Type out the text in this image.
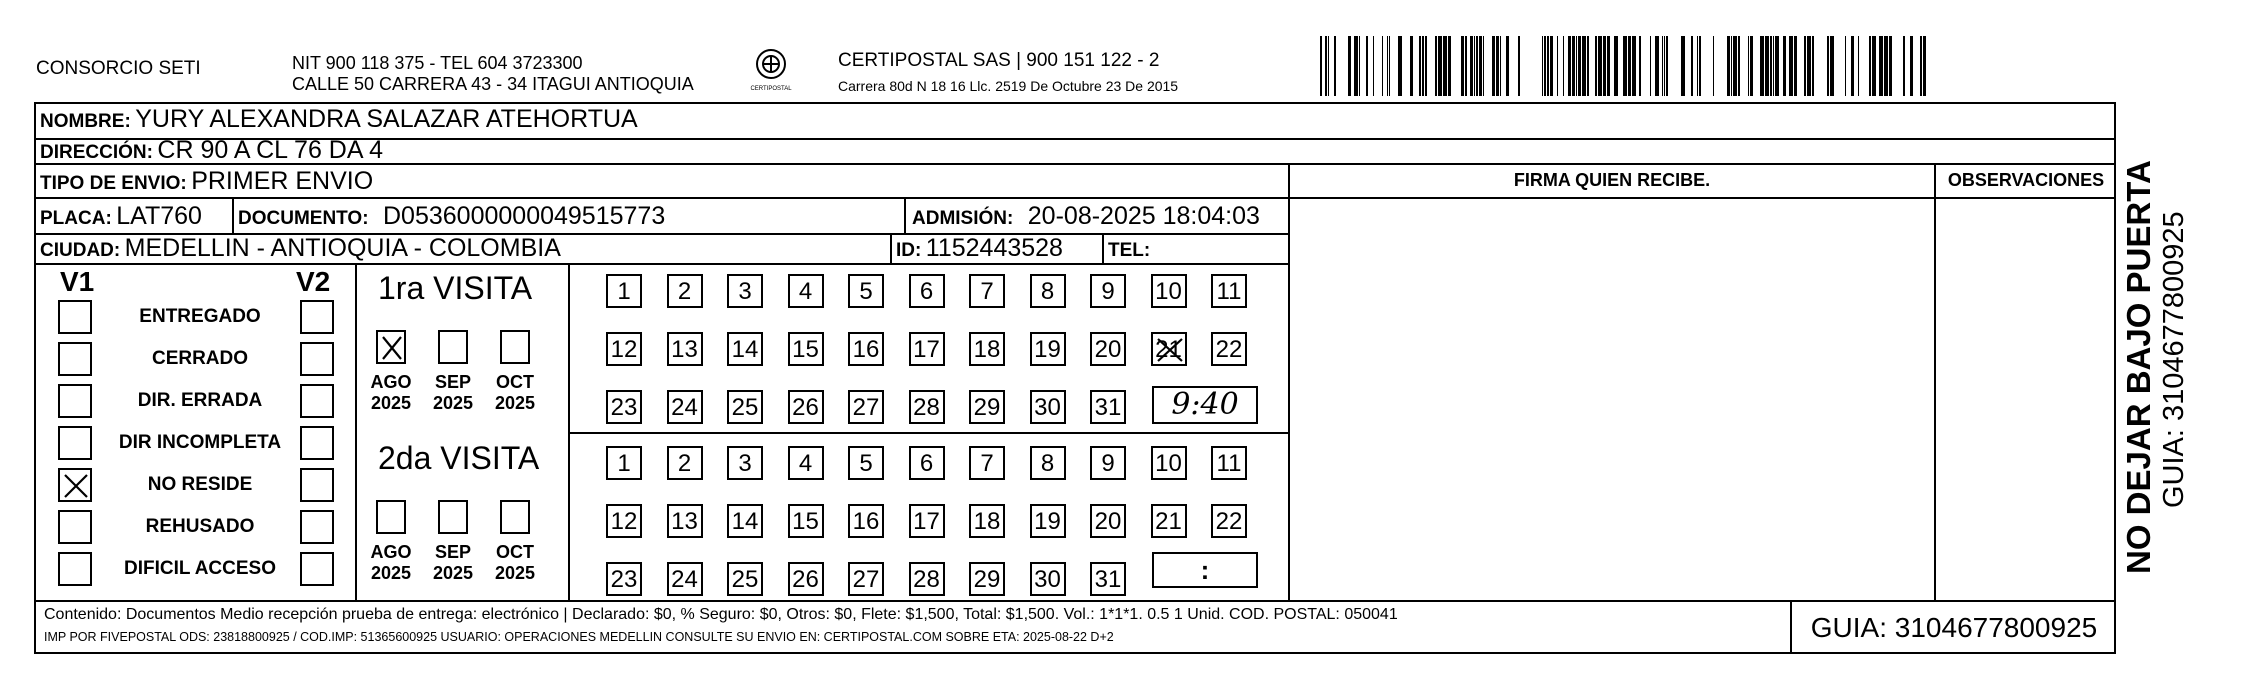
CONSORCIO SETI	NIT 900 118 375 - TEL 604 3723300
CALLE 50 CARRERA 43 - 34 ITAGUI ANTIOQUIA	CERTIPOSTAL
CERTIPOSTAL SAS | 900 151 122 - 2
Carrera 80d N 18 16 Llc. 2519 De Octubre 23 De 2015
NOMBRE: YURY ALEXANDRA SALAZAR ATEHORTUA
DIRECCIÓN: CR 90 A CL 76 DA 4
TIPO DE ENVIO: PRIMER ENVIO
PLACA: LAT760 DOCUMENTO: D0536000000049515773	ADMISIÓN: 20-08-2025 18:04:03
CIUDAD: MEDELLIN - ANTIOQUIA - COLOMBIA	ID: 1152443528 TEL:
FIRMA QUIEN RECIBE.	OBSERVACIONES
V1	V2
ENTREGADO
CERRADO
DIR. ERRADA
DIR INCOMPLETA
NO RESIDE
REHUSADO
DIFICIL ACCESO
1ra VISITA
AGO
2025
SEP
2025
OCT
2025
1	2	3	4	5	6	7	8	9	10 11
12 13 14 15 16 17 18 19 20 21 22
23 24 25 26 27 28 29 30 31	9:40
2da VISITA
AGO
2025
SEP
2025
OCT
2025
1	2	3	4	5	6	7	8	9	10 11
12 13 14 15 16 17 18 19 20 21 22
23 24 25 26 27 28 29 30 31	:
Contenido: Documentos Medio recepción prueba de entrega: electrónico | Declarado: $0, % Seguro: $0, Otros: $0, Flete: $1,500, Total: $1,500. Vol.: 1*1*1. 0.5 1 Unid. COD. POSTAL: 050041
IMP POR FIVEPOSTAL ODS: 23818800925 / COD.IMP: 51365600925 USUARIO: OPERACIONES MEDELLIN CONSULTE SU ENVIO EN: CERTIPOSTAL.COM SOBRE ETA: 2025-08-22 D+2	GUIA: 3104677800925
NO DEJAR BAJO PUERTA GUIA: 3104677800925
